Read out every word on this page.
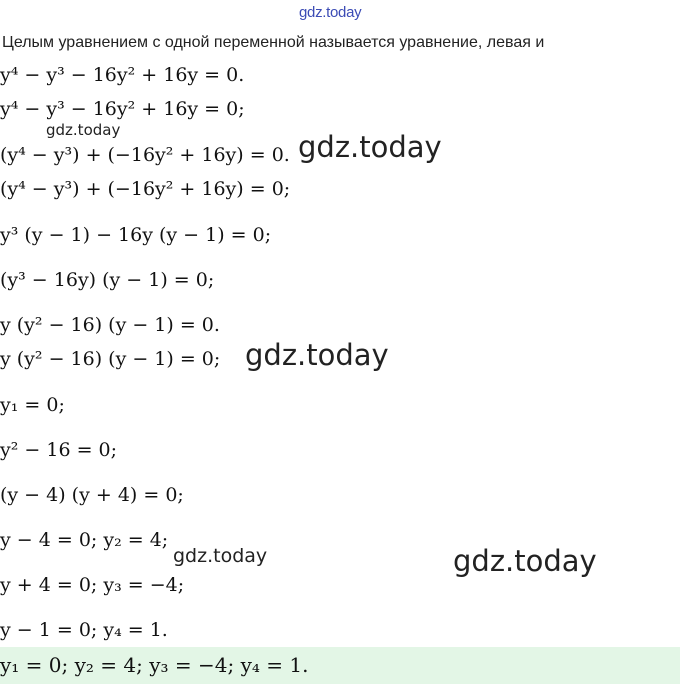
gdz.today
Целым уравнением с одной переменной называется уравнение, левая и
y⁴ − y³ − 16y² + 16y = 0.
y⁴ − y³ − 16y² + 16y = 0;
(y⁴ − y³) + (−16y² + 16y) = 0.
(y⁴ − y³) + (−16y² + 16y) = 0;
y³ (y − 1) − 16y (y − 1) = 0;
(y³ − 16y) (y − 1) = 0;
y (y² − 16) (y − 1) = 0.
y (y² − 16) (y − 1) = 0;
y₁ = 0;
y² − 16 = 0;
(y − 4) (y + 4) = 0;
y − 4 = 0; y₂ = 4;
y + 4 = 0; y₃ = −4;
y − 1 = 0; y₄ = 1.
gdz.today	gdz.today
gdz.today
gdz.today	gdz.today
y₁ = 0; y₂ = 4; y₃ = −4; y₄ = 1.
